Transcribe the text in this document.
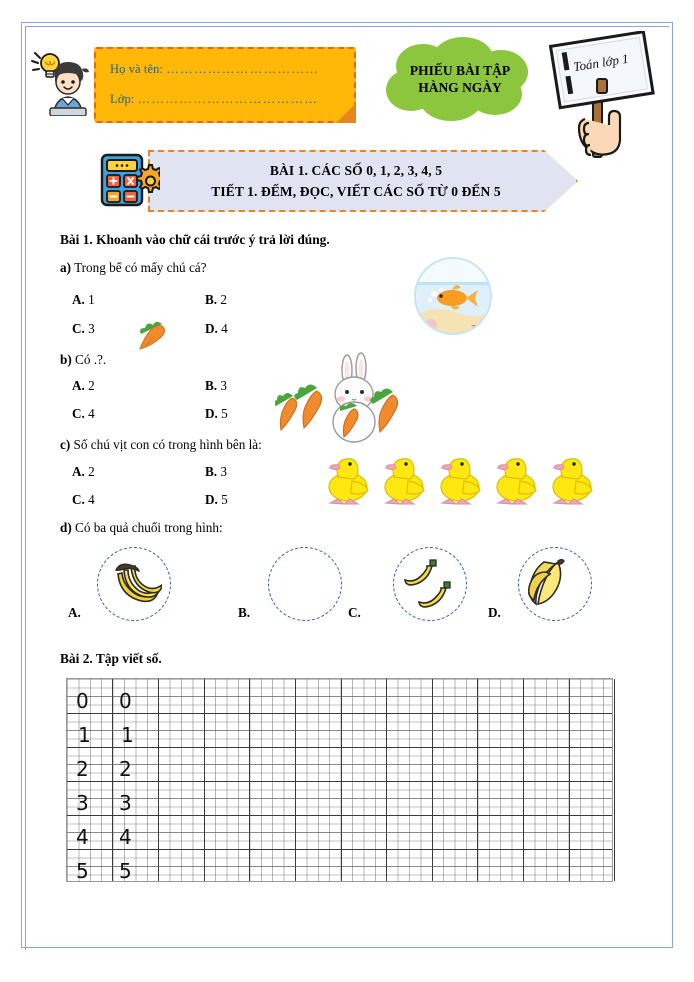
Họ và tên: ……………………………
Lớp: …………………………………
PHIẾU BÀI TẬP
HÀNG NGÀY
Toán lớp 1
BÀI 1. CÁC SỐ 0, 1, 2, 3, 4, 5
TIẾT 1. ĐẾM, ĐỌC, VIẾT CÁC SỐ TỪ 0 ĐẾN 5
Bài 1. Khoanh vào chữ cái trước ý trả lời đúng.
a) Trong bể có mấy chú cá?
A. 1	B. 2
C. 3	D. 4
b) Có .?.
A. 2	B. 3
C. 4	D. 5
c) Số chú vịt con có trong hình bên là:
A. 2	B. 3
C. 4	D. 5
d) Có ba quả chuối trong hình:
A.	B.	C.	D.
Bài 2. Tập viết số.
0 0
1 1
2 2
3 3
4 4
5 5
